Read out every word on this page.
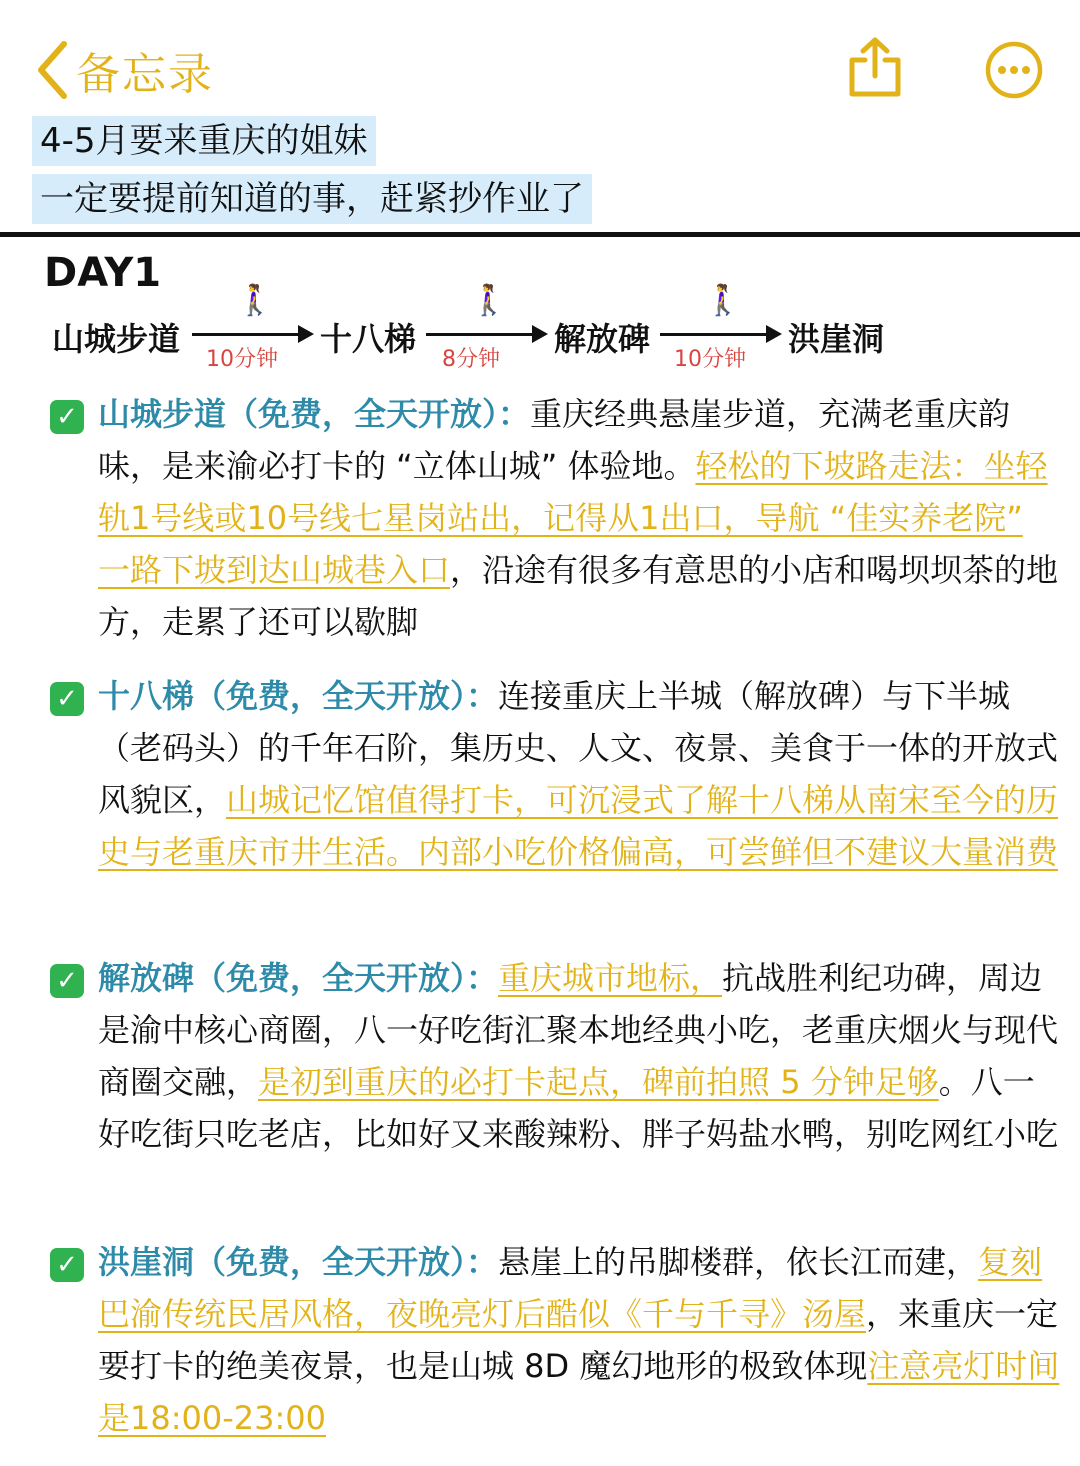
备忘录
4-5月要来重庆的姐妹
一定要提前知道的事，赶紧抄作业了
DAY1
山城步道
🚶‍♀️
10分钟
十八梯
🚶‍♀️
8分钟
解放碑
🚶‍♀️
10分钟
洪崖洞
✓ 山城步道（免费，全天开放）：重庆经典悬崖步道，充满老重庆韵味，是来渝必打卡的 “立体山城” 体验地。轻松的下坡路走法：坐轻轨1号线或10号线七星岗站出，记得从1出口，导航 “佳实养老院” 一路下坡到达山城巷入口，沿途有很多有意思的小店和喝坝坝茶的地方，走累了还可以歇脚
✓ 十八梯（免费，全天开放）：连接重庆上半城（解放碑）与下半城（老码头）的千年石阶，集历史、人文、夜景、美食于一体的开放式风貌区，山城记忆馆值得打卡，可沉浸式了解十八梯从南宋至今的历史与老重庆市井生活。内部小吃价格偏高，可尝鲜但不建议大量消费
✓ 解放碑（免费，全天开放）：重庆城市地标，抗战胜利纪功碑，周边是渝中核心商圈，八一好吃街汇聚本地经典小吃，老重庆烟火与现代商圈交融，是初到重庆的必打卡起点，碑前拍照 5 分钟足够。八一好吃街只吃老店，比如好又来酸辣粉、胖子妈盐水鸭，别吃网红小吃
✓ 洪崖洞（免费，全天开放）：悬崖上的吊脚楼群，依长江而建，复刻巴渝传统民居风格，夜晚亮灯后酷似《千与千寻》汤屋，来重庆一定要打卡的绝美夜景，也是山城 8D 魔幻地形的极致体现注意亮灯时间是18:00-23:00
